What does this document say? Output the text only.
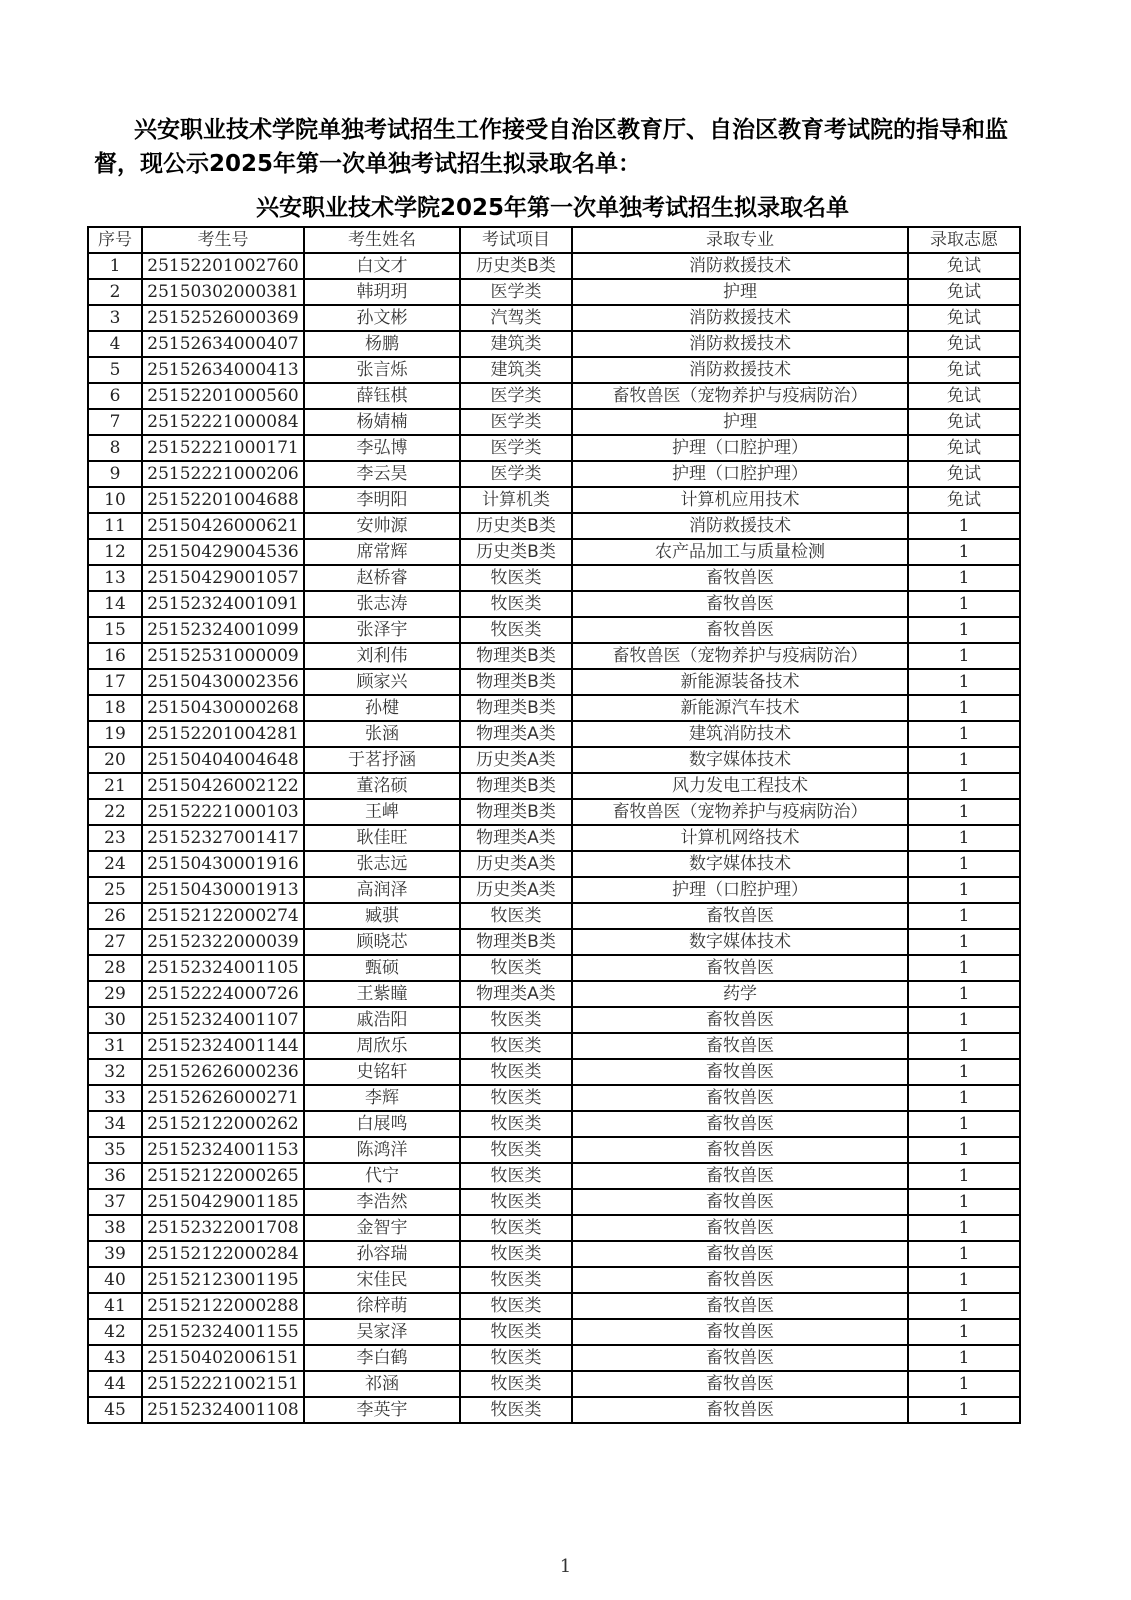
兴安职业技术学院单独考试招生工作接受自治区教育厅、自治区教育考试院的指导和监督，现公示2025年第一次单独考试招生拟录取名单：

兴安职业技术学院2025年第一次单独考试招生拟录取名单
序号	考生号	考生姓名	考试项目	录取专业	录取志愿
1	25152201002760	白文才	历史类B类	消防救援技术	免试
2	25150302000381	韩玥玥	医学类	护理	免试
3	25152526000369	孙文彬	汽驾类	消防救援技术	免试
4	25152634000407	杨鹏	建筑类	消防救援技术	免试
5	25152634000413	张言烁	建筑类	消防救援技术	免试
6	25152201000560	薛钰棋	医学类	畜牧兽医（宠物养护与疫病防治）	免试
7	25152221000084	杨婧楠	医学类	护理	免试
8	25152221000171	李弘博	医学类	护理（口腔护理）	免试
9	25152221000206	李云昊	医学类	护理（口腔护理）	免试
10	25152201004688	李明阳	计算机类	计算机应用技术	免试
11	25150426000621	安帅源	历史类B类	消防救援技术	1
12	25150429004536	席常辉	历史类B类	农产品加工与质量检测	1
13	25150429001057	赵桥睿	牧医类	畜牧兽医	1
14	25152324001091	张志涛	牧医类	畜牧兽医	1
15	25152324001099	张泽宇	牧医类	畜牧兽医	1
16	25152531000009	刘利伟	物理类B类	畜牧兽医（宠物养护与疫病防治）	1
17	25150430002356	顾家兴	物理类B类	新能源装备技术	1
18	25150430000268	孙楗	物理类B类	新能源汽车技术	1
19	25152201004281	张涵	物理类A类	建筑消防技术	1
20	25150404004648	于茗抒涵	历史类A类	数字媒体技术	1
21	25150426002122	董洺硕	物理类B类	风力发电工程技术	1
22	25152221000103	王崥	物理类B类	畜牧兽医（宠物养护与疫病防治）	1
23	25152327001417	耿佳旺	物理类A类	计算机网络技术	1
24	25150430001916	张志远	历史类A类	数字媒体技术	1
25	25150430001913	高润泽	历史类A类	护理（口腔护理）	1
26	25152122000274	臧骐	牧医类	畜牧兽医	1
27	25152322000039	顾晓芯	物理类B类	数字媒体技术	1
28	25152324001105	甄硕	牧医类	畜牧兽医	1
29	25152224000726	王紫瞳	物理类A类	药学	1
30	25152324001107	戚浩阳	牧医类	畜牧兽医	1
31	25152324001144	周欣乐	牧医类	畜牧兽医	1
32	25152626000236	史铭轩	牧医类	畜牧兽医	1
33	25152626000271	李辉	牧医类	畜牧兽医	1
34	25152122000262	白展鸣	牧医类	畜牧兽医	1
35	25152324001153	陈鸿洋	牧医类	畜牧兽医	1
36	25152122000265	代宁	牧医类	畜牧兽医	1
37	25150429001185	李浩然	牧医类	畜牧兽医	1
38	25152322001708	金智宇	牧医类	畜牧兽医	1
39	25152122000284	孙容瑞	牧医类	畜牧兽医	1
40	25152123001195	宋佳民	牧医类	畜牧兽医	1
41	25152122000288	徐梓萌	牧医类	畜牧兽医	1
42	25152324001155	吴家泽	牧医类	畜牧兽医	1
43	25150402006151	李白鹤	牧医类	畜牧兽医	1
44	25152221002151	祁涵	牧医类	畜牧兽医	1
45	25152324001108	李英宇	牧医类	畜牧兽医	1
1
